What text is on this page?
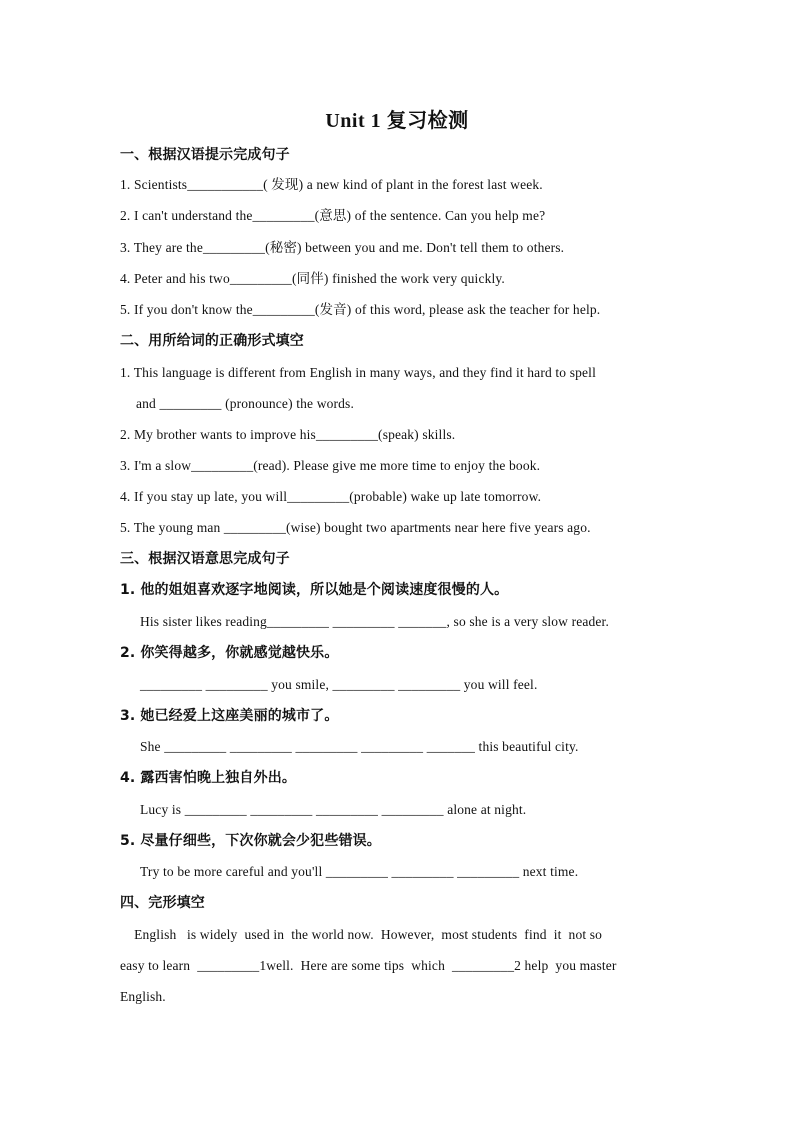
Unit 1 复习检测
一、根据汉语提示完成句子
1. Scientists___________( 发现) a new kind of plant in the forest last week.
2. I can't understand the_________(意思) of the sentence. Can you help me?
3. They are the_________(秘密) between you and me. Don't tell them to others.
4. Peter and his two_________(同伴) finished the work very quickly.
5. If you don't know the_________(发音) of this word, please ask the teacher for help.
二、用所给词的正确形式填空
1. This language is different from English in many ways, and they find it hard to spell
and _________ (pronounce) the words.
2. My brother wants to improve his_________(speak) skills.
3. I'm a slow_________(read). Please give me more time to enjoy the book.
4. If you stay up late, you will_________(probable) wake up late tomorrow.
5. The young man _________(wise) bought two apartments near here five years ago.
三、根据汉语意思完成句子
1. 他的姐姐喜欢逐字地阅读，所以她是个阅读速度很慢的人。
His sister likes reading_________ _________ _______, so she is a very slow reader.
2. 你笑得越多，你就感觉越快乐。
_________ _________ you smile, _________ _________ you will feel.
3. 她已经爱上这座美丽的城市了。
She _________ _________ _________ _________ _______ this beautiful city.
4. 露西害怕晚上独自外出。
Lucy is _________ _________ _________ _________ alone at night.
5. 尽量仔细些，下次你就会少犯些错误。
Try to be more careful and you'll _________ _________ _________ next time.
四、完形填空
English   is widely  used in  the world now.  However,  most students  find  it  not so
easy to learn  _________1well.  Here are some tips  which  _________2 help  you master
English.
